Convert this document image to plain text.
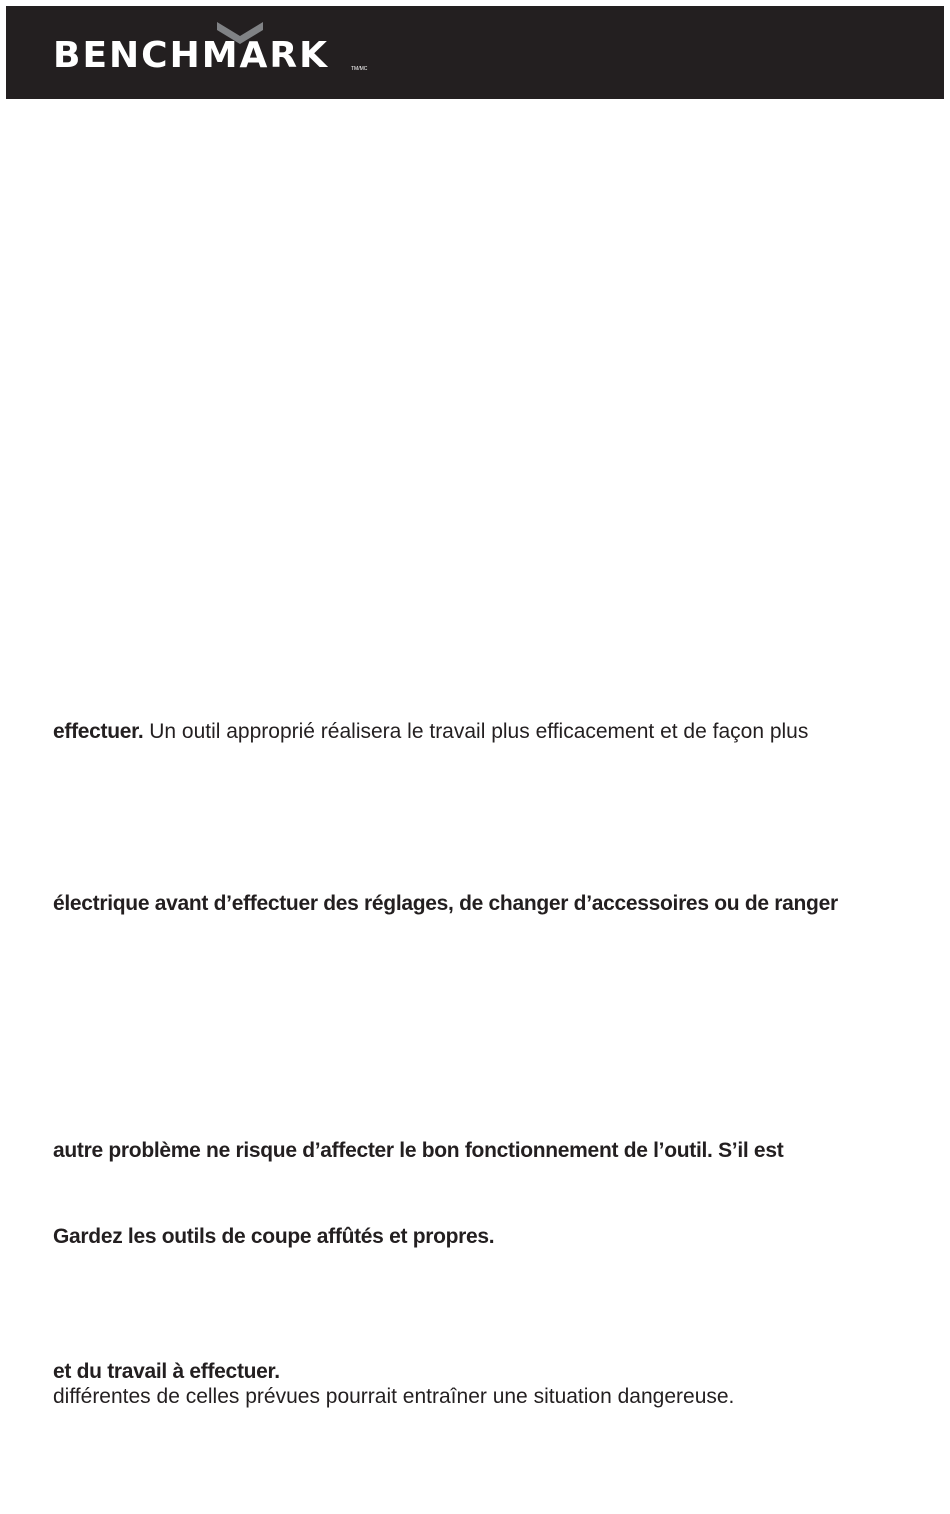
BENCHMARK	TM/MC
effectuer. Un outil approprié réalisera le travail plus efficacement et de façon plus
électrique avant d’effectuer des réglages, de changer d’accessoires ou de ranger
autre problème ne risque d’affecter le bon fonctionnement de l’outil. S’il est
Gardez les outils de coupe affûtés et propres.
et du travail à effectuer.
différentes de celles prévues pourrait entraîner une situation dangereuse.
